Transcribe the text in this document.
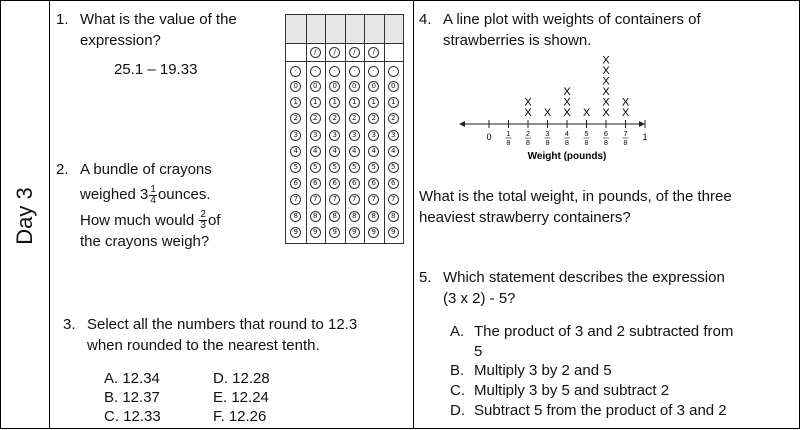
Day 3
1. What is the value of the
expression?
25.1 – 19.33
2. A bundle of crayons
weighed $3 \frac{1}{4}$ ounces.
How much would $\frac{2}{3}$ of
the crayons weigh?
3. Select all the numbers that round to 12.3
when rounded to the nearest tenth.
A. 12.34
B. 12.37
C. 12.33
D. 12.28
E. 12.24
F. 12.26
·
0
1
2
3
4
5
6
7
8
9
/
·
0
1
2
3
4
5
6
7
8
9
/
·
0
1
2
3
4
5
6
7
8
9
/
·
0
1
2
3
4
5
6
7
8
9
/
·
0
1
2
3
4
5
6
7
8
9
·
0
1
2
3
4
5
6
7
8
9
4. A line plot with weights of containers of
strawberries is shown.
0 1
8
2
8
X
X
3
8
X
4
8
X
X
X
5
8
X
6
8
X
X
X
X
X
X
7
8
X
X
1
Weight (pounds)
What is the total weight, in pounds, of the three
heaviest strawberry containers?
5. Which statement describes the expression
(3 x 2) - 5?
A. The product of 3 and 2 subtracted from
5
B. Multiply 3 by 2 and 5
C. Multiply 3 by 5 and subtract 2
D. Subtract 5 from the product of 3 and 2
